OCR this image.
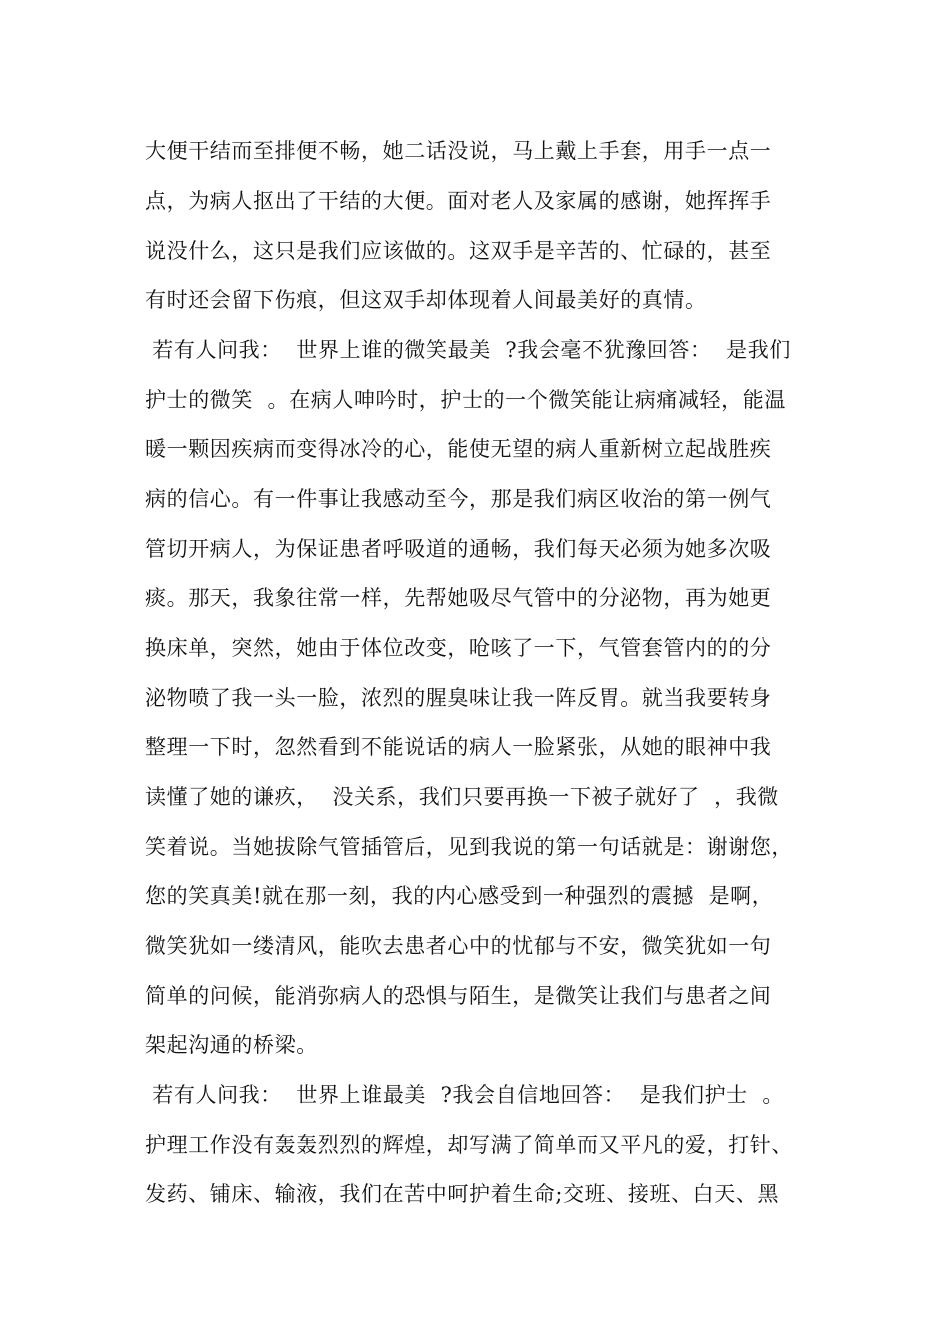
大便干结而至排便不畅，她二话没说，马上戴上手套，用手一点一
点，为病人抠出了干结的大便。面对老人及家属的感谢，她挥挥手
说没什么，这只是我们应该做的。这双手是辛苦的、忙碌的，甚至
有时还会留下伤痕，但这双手却体现着人间最美好的真情。
若有人问我：  世界上谁的微笑最美  ?我会毫不犹豫回答：  是我们
护士的微笑  。在病人呻吟时，护士的一个微笑能让病痛减轻，能温
暖一颗因疾病而变得冰冷的心，能使无望的病人重新树立起战胜疾
病的信心。有一件事让我感动至今，那是我们病区收治的第一例气
管切开病人，为保证患者呼吸道的通畅，我们每天必须为她多次吸
痰。那天，我象往常一样，先帮她吸尽气管中的分泌物，再为她更
换床单，突然，她由于体位改变，呛咳了一下，气管套管内的的分
泌物喷了我一头一脸，浓烈的腥臭味让我一阵反胃。就当我要转身
整理一下时，忽然看到不能说话的病人一脸紧张，从她的眼神中我
读懂了她的谦疚，  没关系，我们只要再换一下被子就好了  ，我微
笑着说。当她拔除气管插管后，见到我说的第一句话就是：谢谢您，
您的笑真美!就在那一刻，我的内心感受到一种强烈的震撼  是啊，
微笑犹如一缕清风，能吹去患者心中的忧郁与不安，微笑犹如一句
简单的问候，能消弥病人的恐惧与陌生，是微笑让我们与患者之间
架起沟通的桥梁。
若有人问我：  世界上谁最美  ?我会自信地回答：  是我们护士  。
护理工作没有轰轰烈烈的辉煌，却写满了简单而又平凡的爱，打针、
发药、铺床、输液，我们在苦中呵护着生命;交班、接班、白天、黑
